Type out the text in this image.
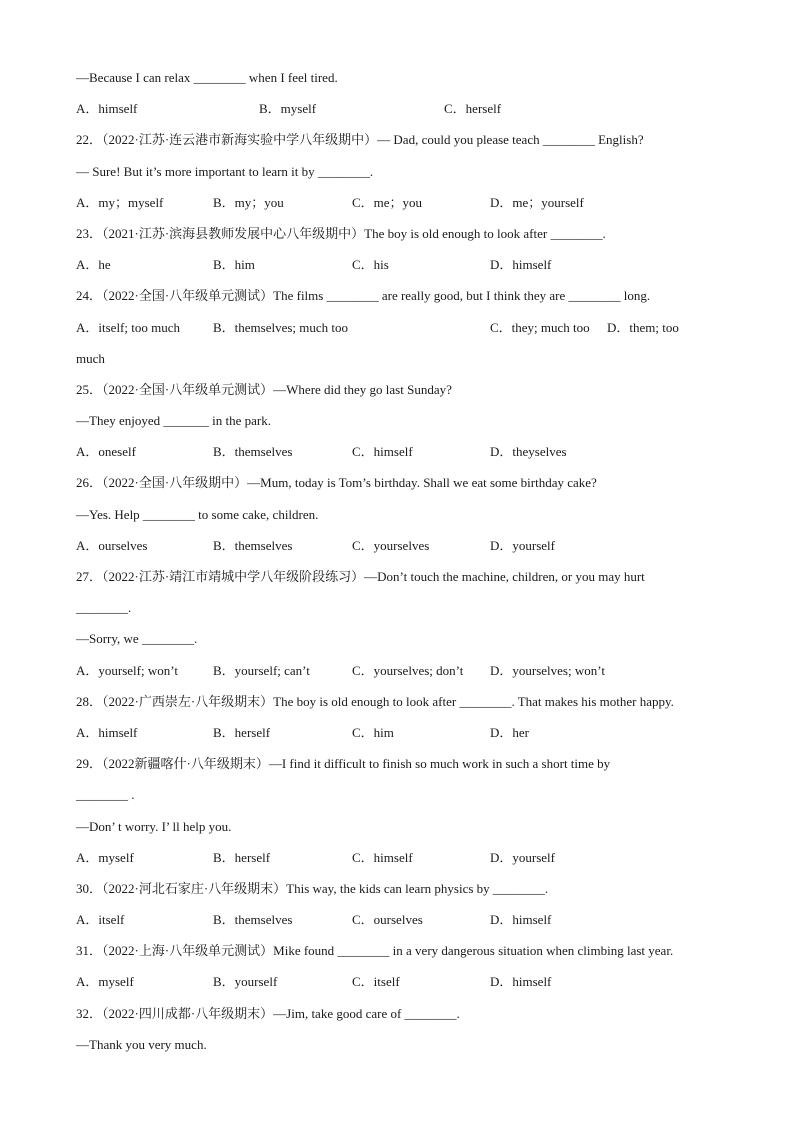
—Because I can relax ________ when I feel tired.
A．himself	B．myself	C．herself
22．（2022·江苏·连云港市新海实验中学八年级期中）— Dad, could you please teach ________ English?
— Sure! But it’s more important to learn it by ________.
A．my；myself	B．my；you	C．me；you	D．me；yourself
23．（2021·江苏·滨海县教师发展中心八年级期中）The boy is old enough to look after ________.
A．he	B．him	C．his	D．himself
24．（2022·全国·八年级单元测试）The films ________ are really good, but I think they are ________ long.
A．itself; too much	B．themselves; much too	C．they; much too D．them; too
much
25．（2022·全国·八年级单元测试）—Where did they go last Sunday?
—They enjoyed _______ in the park.
A．oneself	B．themselves	C．himself	D．theyselves
26．（2022·全国·八年级期中）—Mum, today is Tom’s birthday. Shall we eat some birthday cake?
—Yes. Help ________ to some cake, children.
A．ourselves	B．themselves	C．yourselves	D．yourself
27．（2022·江苏·靖江市靖城中学八年级阶段练习）—Don’t touch the machine, children, or you may hurt
________.
—Sorry, we ________.
A．yourself; won’t	B．yourself; can’t	C．yourselves; don’t D．yourselves; won’t
28．（2022·广西崇左·八年级期末）The boy is old enough to look after ________. That makes his mother happy.
A．himself	B．herself	C．him	D．her
29．（2022新疆喀什·八年级期末）—I find it difficult to finish so much work in such a short time by
________ .
—Don’ t worry. I’ ll help you.
A．myself	B．herself	C．himself	D．yourself
30．（2022·河北石家庄·八年级期末）This way, the kids can learn physics by ________.
A．itself	B．themselves	C．ourselves	D．himself
31．（2022·上海·八年级单元测试）Mike found ________ in a very dangerous situation when climbing last year.
A．myself	B．yourself	C．itself	D．himself
32．（2022·四川成都·八年级期末）—Jim, take good care of ________.
—Thank you very much.
